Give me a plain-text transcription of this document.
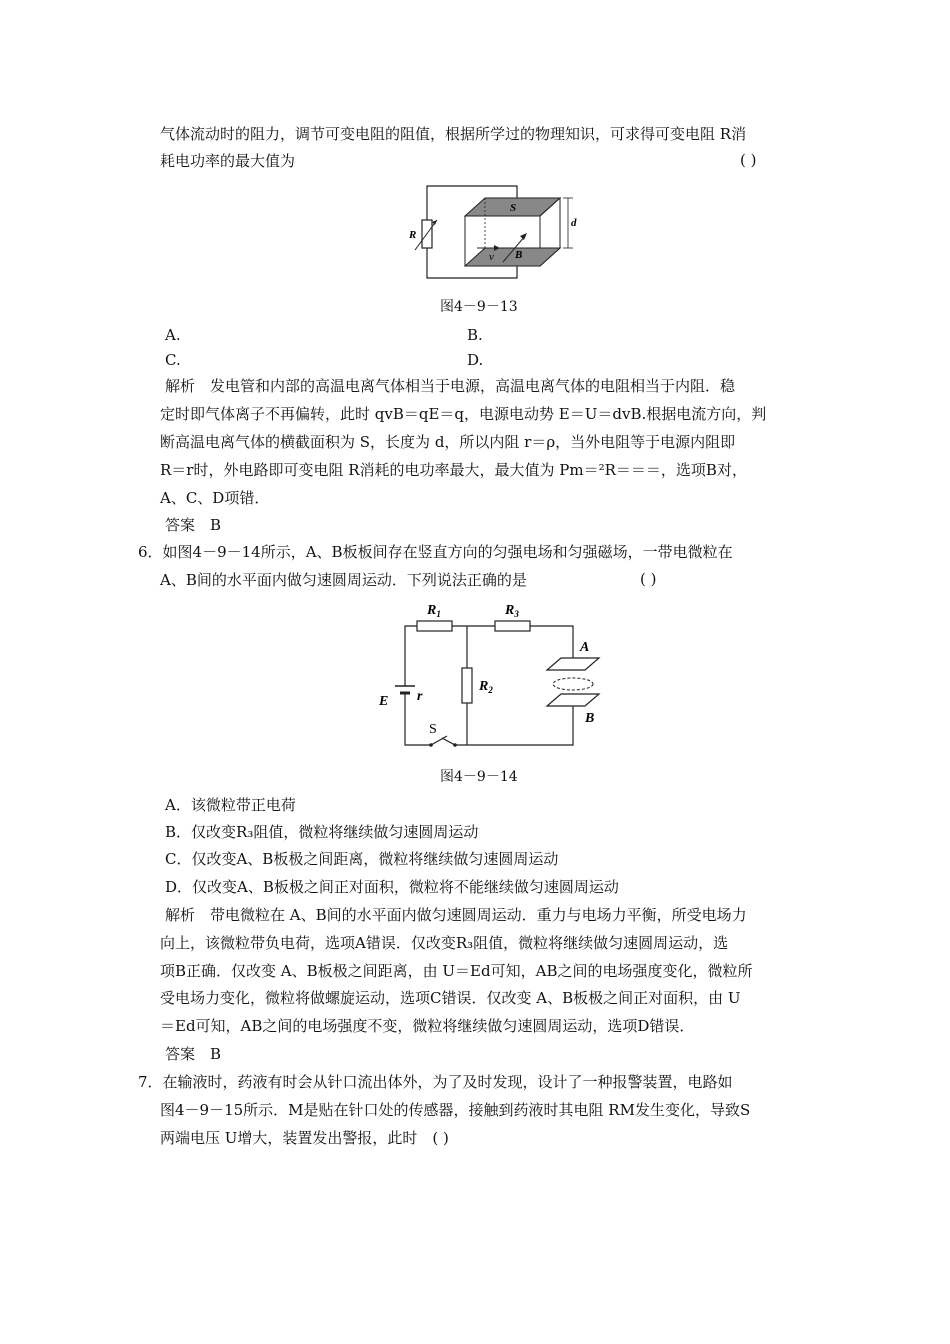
气体流动时的阻力，调节可变电阻的阻值，根据所学过的物理知识，可求得可变电阻 R消
耗电功率的最大值为	( )
R
S
d
v B
图4－9－13
A.	B.
C.	D.
解析　发电管和内部的高温电离气体相当于电源，高温电离气体的电阻相当于内阻．稳
定时即气体离子不再偏转，此时 qvB＝qE＝q，电源电动势 E＝U＝dvB.根据电流方向，判
断高温电离气体的横截面积为 S，长度为 d，所以内阻 r＝ρ，当外电阻等于电源内阻即
R＝r时，外电路即可变电阻 R消耗的电功率最大，最大值为 Pm＝²R＝＝＝，选项B对，
A、C、D项错．
答案　B
6．如图4－9－14所示，A、B板板间存在竖直方向的匀强电场和匀强磁场，一带电微粒在
A、B间的水平面内做匀速圆周运动．下列说法正确的是	( )
$R_1$	$R_3$
$R_2$
E r
S
A
B
图4－9－14
A．该微粒带正电荷
B．仅改变R₃阻值，微粒将继续做匀速圆周运动
C．仅改变A、B板极之间距离，微粒将继续做匀速圆周运动
D．仅改变A、B板极之间正对面积，微粒将不能继续做匀速圆周运动
解析　带电微粒在 A、B间的水平面内做匀速圆周运动．重力与电场力平衡，所受电场力
向上，该微粒带负电荷，选项A错误．仅改变R₃阻值，微粒将继续做匀速圆周运动，选
项B正确．仅改变 A、B板极之间距离，由 U＝Ed可知，AB之间的电场强度变化，微粒所
受电场力变化，微粒将做螺旋运动，选项C错误．仅改变 A、B板极之间正对面积，由 U
＝Ed可知，AB之间的电场强度不变，微粒将继续做匀速圆周运动，选项D错误．
答案　B
7．在输液时，药液有时会从针口流出体外，为了及时发现，设计了一种报警装置，电路如
图4－9－15所示．M是贴在针口处的传感器，接触到药液时其电阻 RM发生变化，导致S
两端电压 U增大，装置发出警报，此时　( )
